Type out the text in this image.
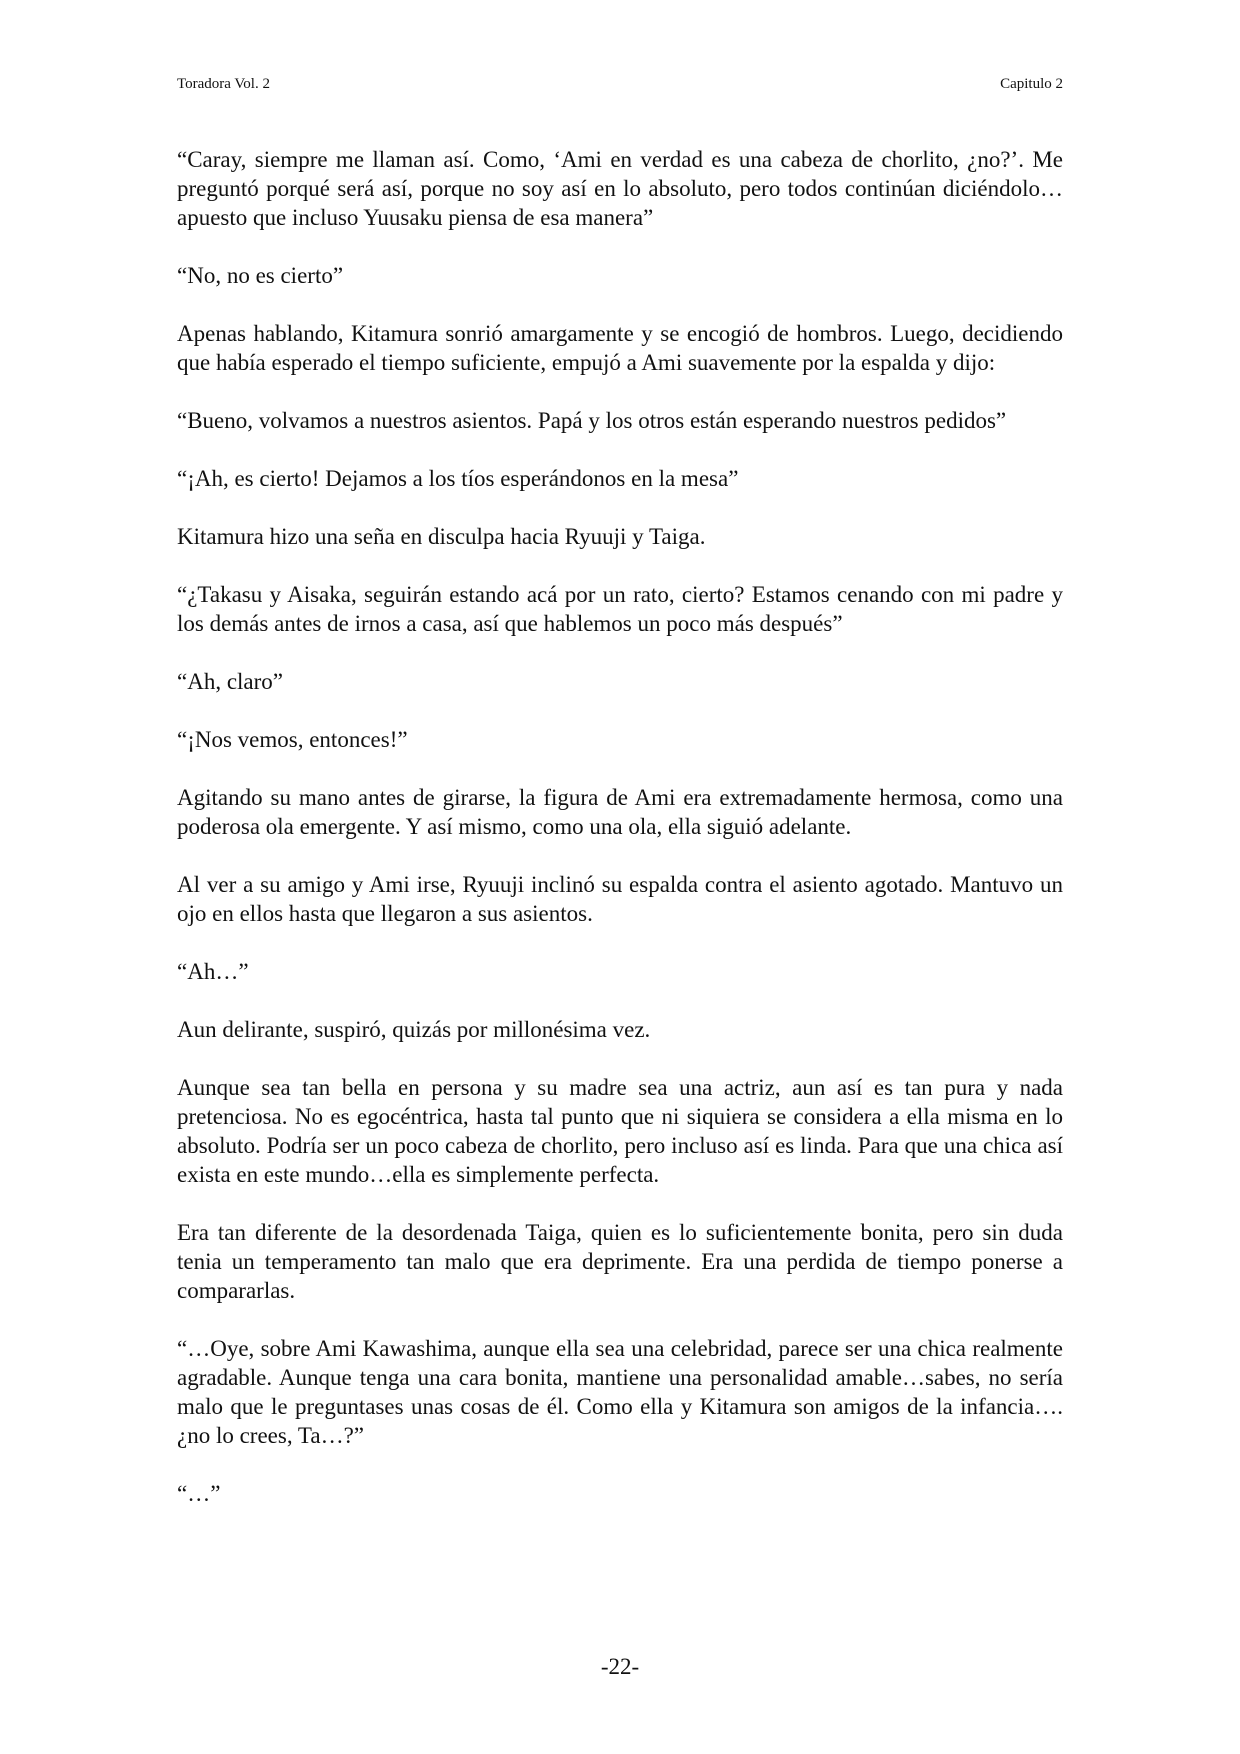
Toradora Vol. 2	Capitulo 2

“Caray, siempre me llaman así. Como, ‘Ami en verdad es una cabeza de chorlito, ¿no?’. Me preguntó porqué será así, porque no soy así en lo absoluto, pero todos continúan diciéndolo…apuesto que incluso Yuusaku piensa de esa manera”

“No, no es cierto”

Apenas hablando, Kitamura sonrió amargamente y se encogió de hombros. Luego, decidiendo que había esperado el tiempo suficiente, empujó a Ami suavemente por la espalda y dijo:

“Bueno, volvamos a nuestros asientos. Papá y los otros están esperando nuestros pedidos”

“¡Ah, es cierto! Dejamos a los tíos esperándonos en la mesa”

Kitamura hizo una seña en disculpa hacia Ryuuji y Taiga.

“¿Takasu y Aisaka, seguirán estando acá por un rato, cierto? Estamos cenando con mi padre y los demás antes de irnos a casa, así que hablemos un poco más después”

“Ah, claro”

“¡Nos vemos, entonces!”

Agitando su mano antes de girarse, la figura de Ami era extremadamente hermosa, como una poderosa ola emergente. Y así mismo, como una ola, ella siguió adelante.

Al ver a su amigo y Ami irse, Ryuuji inclinó su espalda contra el asiento agotado. Mantuvo un ojo en ellos hasta que llegaron a sus asientos.

“Ah…”

Aun delirante, suspiró, quizás por millonésima vez.

Aunque sea tan bella en persona y su madre sea una actriz, aun así es tan pura y nada pretenciosa. No es egocéntrica, hasta tal punto que ni siquiera se considera a ella misma en lo absoluto. Podría ser un poco cabeza de chorlito, pero incluso así es linda. Para que una chica así exista en este mundo…ella es simplemente perfecta.

Era tan diferente de la desordenada Taiga, quien es lo suficientemente bonita, pero sin duda tenia un temperamento tan malo que era deprimente. Era una perdida de tiempo ponerse a compararlas.

“…Oye, sobre Ami Kawashima, aunque ella sea una celebridad, parece ser una chica realmente agradable. Aunque tenga una cara bonita, mantiene una personalidad amable…sabes, no sería malo que le preguntases unas cosas de él. Como ella y Kitamura son amigos de la infancia…. ¿no lo crees, Ta…?”

“…”

-22-
